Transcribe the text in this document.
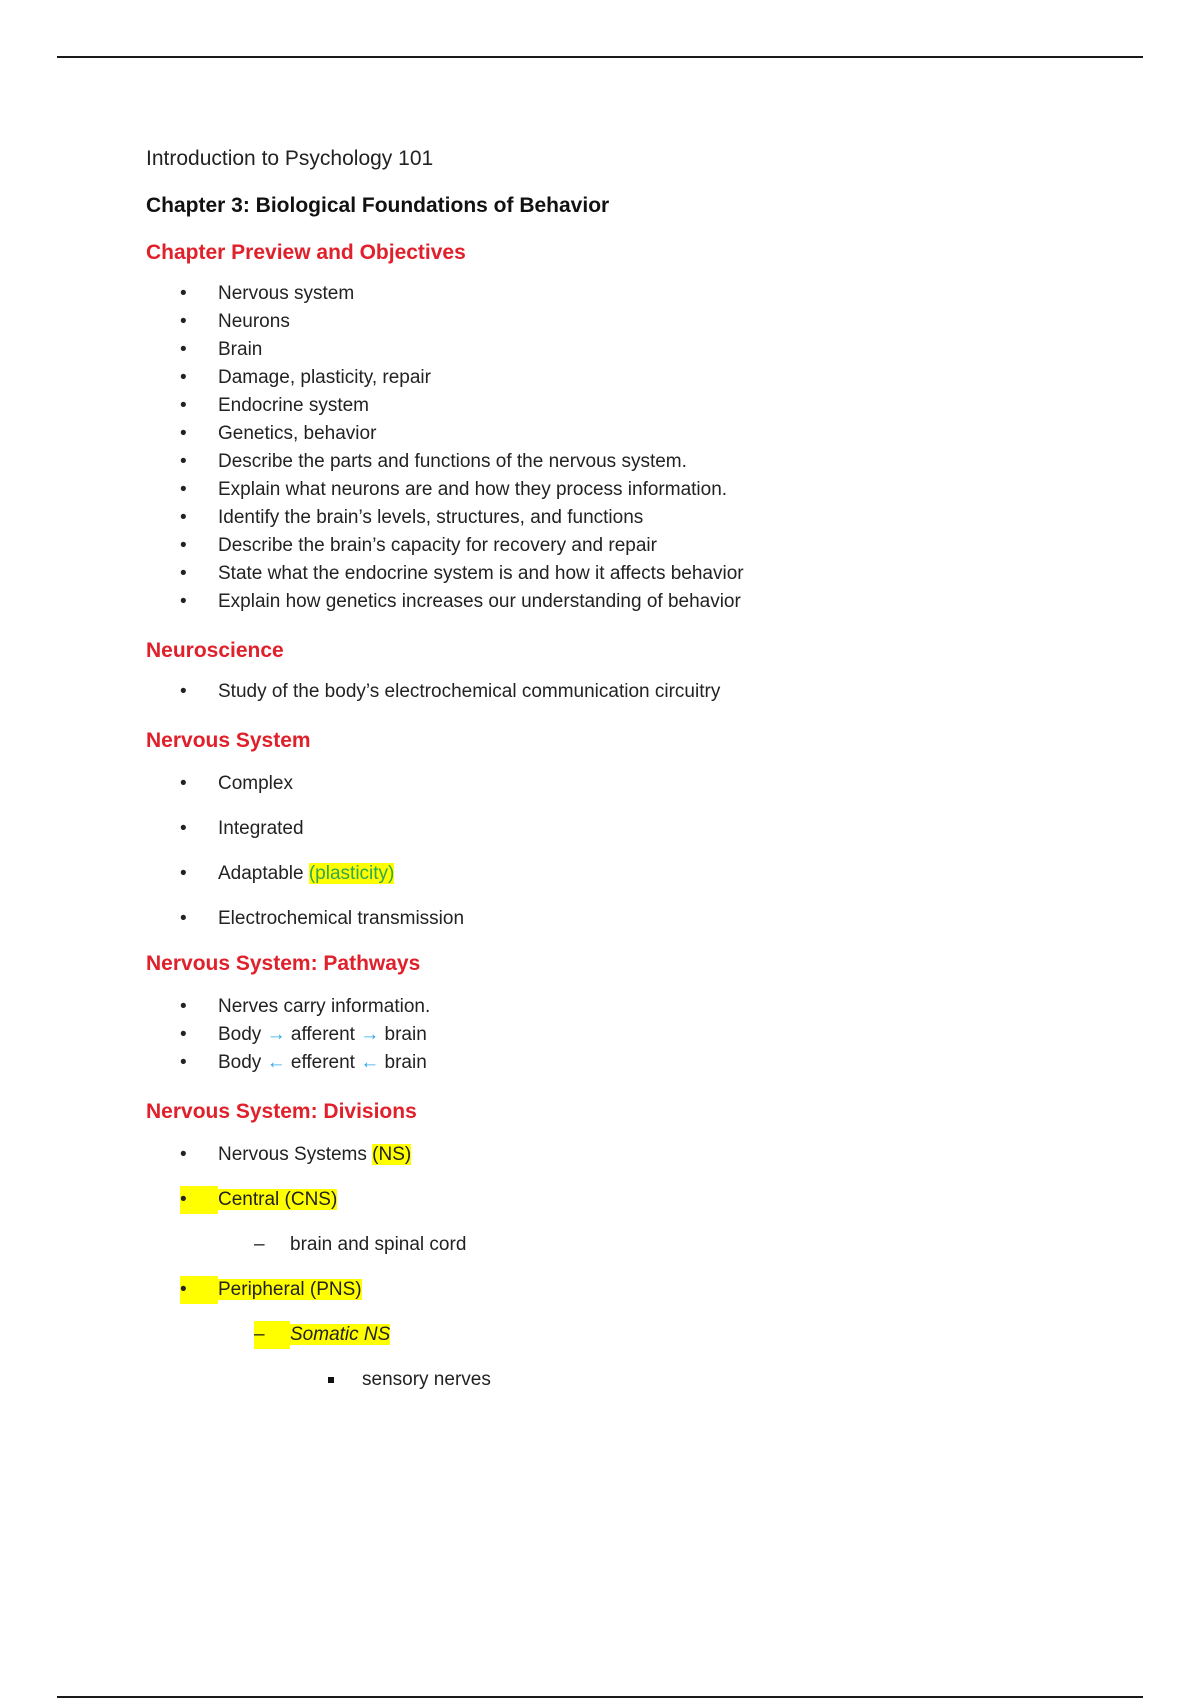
Introduction to Psychology 101
Chapter 3: Biological Foundations of Behavior
Chapter Preview and Objectives
• Nervous system
• Neurons
• Brain
• Damage, plasticity, repair
• Endocrine system
• Genetics, behavior
• Describe the parts and functions of the nervous system.
• Explain what neurons are and how they process information.
• Identify the brain’s levels, structures, and functions
• Describe the brain’s capacity for recovery and repair
• State what the endocrine system is and how it affects behavior
• Explain how genetics increases our understanding of behavior
Neuroscience
• Study of the body’s electrochemical communication circuitry
Nervous System
• Complex
• Integrated
• Adaptable (plasticity)
• Electrochemical transmission
Nervous System: Pathways
• Nerves carry information.
• Body → afferent → brain
• Body ← efferent ← brain
Nervous System: Divisions
• Nervous Systems (NS)
•	Central (CNS)
– brain and spinal cord
•	Peripheral (PNS)
–	Somatic NS
sensory nerves
